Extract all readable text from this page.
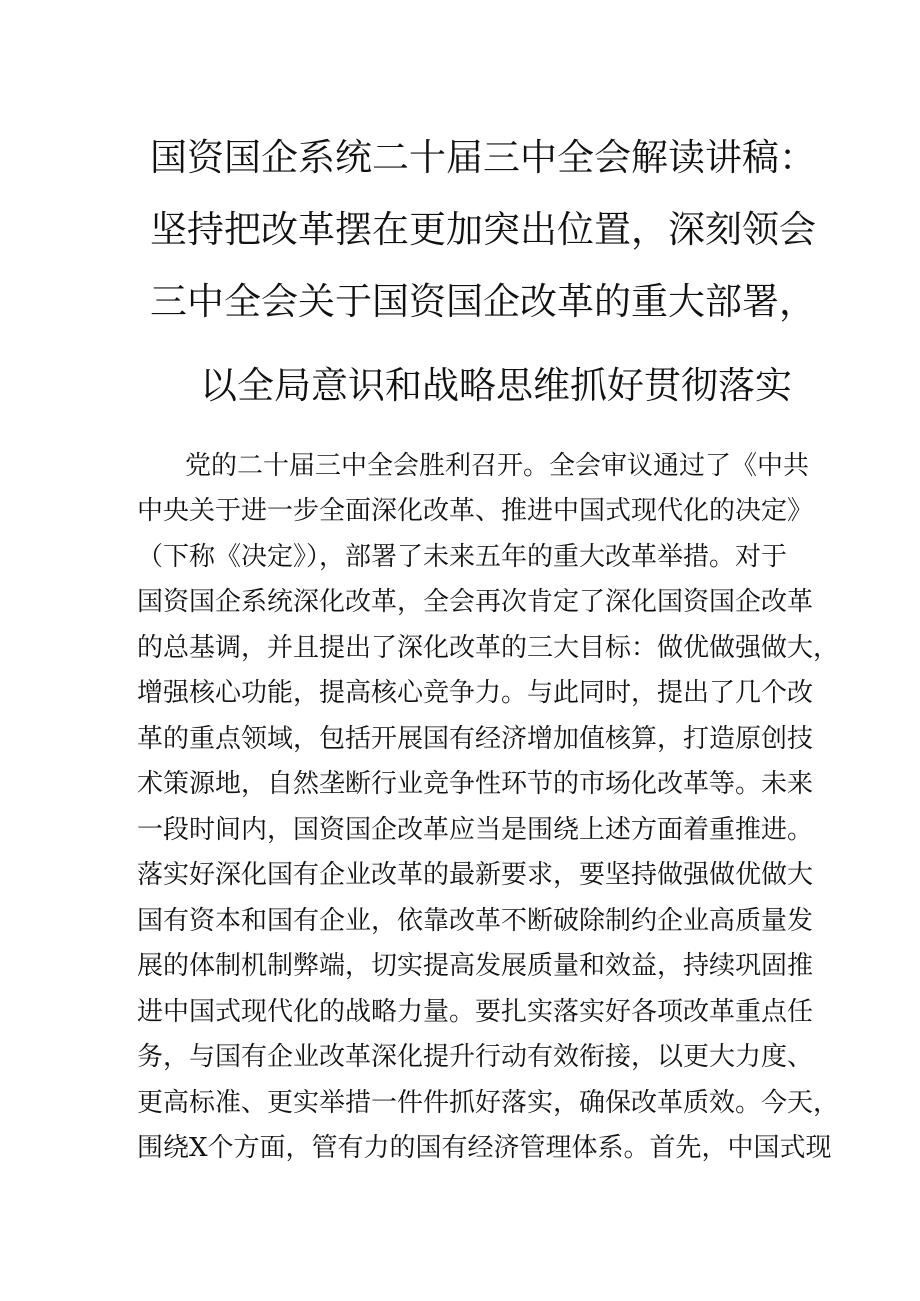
国资国企系统二十届三中全会解读讲稿：
坚持把改革摆在更加突出位置，深刻领会
三中全会关于国资国企改革的重大部署，
以全局意识和战略思维抓好贯彻落实
党的二十届三中全会胜利召开。全会审议通过了《中共
中央关于进一步全面深化改革、推进中国式现代化的决定》
（下称《决定》），部署了未来五年的重大改革举措。对于
国资国企系统深化改革，全会再次肯定了深化国资国企改革
的总基调，并且提出了深化改革的三大目标：做优做强做大，
增强核心功能，提高核心竞争力。与此同时，提出了几个改
革的重点领域，包括开展国有经济增加值核算，打造原创技
术策源地，自然垄断行业竞争性环节的市场化改革等。未来
一段时间内，国资国企改革应当是围绕上述方面着重推进。
落实好深化国有企业改革的最新要求，要坚持做强做优做大
国有资本和国有企业，依靠改革不断破除制约企业高质量发
展的体制机制弊端，切实提高发展质量和效益，持续巩固推
进中国式现代化的战略力量。要扎实落实好各项改革重点任
务，与国有企业改革深化提升行动有效衔接，以更大力度、
更高标准、更实举措一件件抓好落实，确保改革质效。今天，
围绕X个方面，管有力的国有经济管理体系。首先，中国式现
